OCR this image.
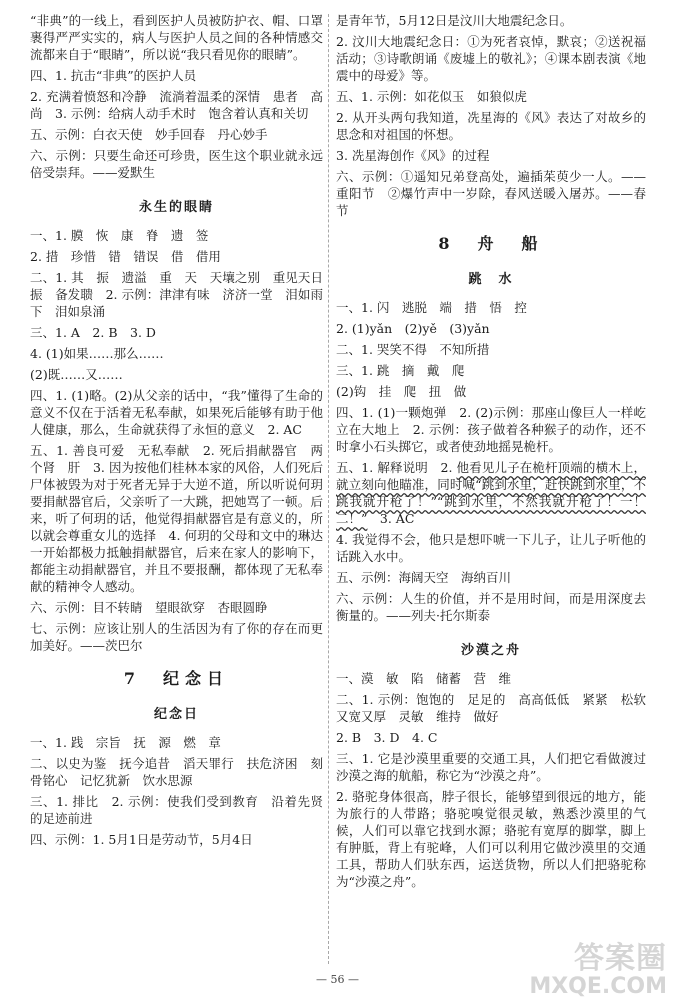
“非典”的一线上，看到医护人员被防护衣、帽、口罩裹得严严实实的，病人与医护人员之间的各种情感交流都来自于“眼睛”，所以说“我只看见你的眼睛”。

四、1. 抗击“非典”的医护人员

2. 充满着愤怒和冷静　流淌着温柔的深情　患者　高尚　3. 示例：给病人动手术时　饱含着认真和关切

五、示例：白衣天使　妙手回春　丹心妙手

六、示例：只要生命还可珍贵，医生这个职业就永远倍受崇拜。——爱默生

永生的眼睛

一、1. 膜　恢　康　脊　遗　签

2. 措　珍惜　错　错误　借　借用

二、1. 其　振　遗溢　重　天　天壤之别　重见天日　振　备发聩　2. 示例：津津有味　济济一堂　泪如雨下　泪如泉涌

三、1. A　2. B　3. D

4. (1)如果……那么……

(2)既……又……

四、1. (1)略。(2)从父亲的话中，“我”懂得了生命的意义不仅在于活着无私奉献，如果死后能够有助于他人健康，那么，生命就获得了永恒的意义　2. AC

五、1. 善良可爱　无私奉献　2. 死后捐献器官　两个肾　肝　3. 因为按他们桂林本家的风俗，人们死后尸体被毁为对于死者无异于大逆不道，所以听说何玥要捐献器官后，父亲听了一大跳，把她骂了一顿。后来，听了何玥的话，他觉得捐献器官是有意义的，所以就会尊重女儿的选择　4. 何玥的父母和文中的琳达一开始都极力抵触捐献器官，后来在家人的影响下，都能主动捐献器官，并且不要报酬，都体现了无私奉献的精神令人感动。

六、示例：目不转睛　望眼欲穿　杏眼圆睁

七、示例：应该让别人的生活因为有了你的存在而更加美好。——茨巴尔

7　纪念日
纪念日

一、1. 践　宗旨　抚　源　燃　章

二、以史为鉴　抚今追昔　滔天罪行　扶危济困　刻骨铭心　记忆犹新　饮水思源

三、1. 排比　2. 示例：使我们受到教育　沿着先贤的足迹前进

四、示例：1. 5月1日是劳动节，5月4日

是青年节，5月12日是汶川大地震纪念日。

2. 汶川大地震纪念日：①为死者哀悼，默哀；②送祝福活动；③诗歌朗诵《废墟上的敬礼》；④课本剧表演《地震中的母爱》等。

五、1. 示例：如花似玉　如狼似虎

2. 从开头两句我知道，冼星海的《风》表达了对故乡的思念和对祖国的怀想。

3. 冼星海创作《风》的过程

六、示例：①遥知兄弟登高处，遍插茱萸少一人。——重阳节　②爆竹声中一岁除，春风送暖入屠苏。——春节

8　舟　船
跳　水

一、1. 闪　逃脱　端　措　悟　控

2. (1)yǎn　(2)yě　(3)yǎn

二、1. 哭笑不得　不知所措

三、1. 跳　摘　戴　爬

(2)钩　挂　爬　扭　做

四、1. (1)一颗炮弹　2. (2)示例：那座山像巨人一样屹立在大地上　2. 示例：孩子做着各种猴子的动作，还不时拿小石头掷它，或者使劲地摇晃桅杆。

五、1. 解释说明　2. 他看见儿子在桅杆顶端的横木上，就立刻向他瞄准，同时喊“跳到水里，赶快跳到水里，不跳我就开枪了！”“跳到水里，不然我就开枪了！一！二！”　3. AC

4. 我觉得不会，他只是想吓唬一下儿子，让儿子听他的话跳入水中。

五、示例：海阔天空　海纳百川

六、示例：人生的价值，并不是用时间，而是用深度去衡量的。——列夫·托尔斯泰

沙漠之舟

一、漠　敏　陷　储蓄　营　维

二、1. 示例：饱饱的　足足的　高高低低　紧紧　松软　又宽又厚　灵敏　维持　做好

2. B　3. D　4. C

三、1. 它是沙漠里重要的交通工具，人们把它看做渡过沙漠之海的航船，称它为“沙漠之舟”。

2. 骆驼身体很高，脖子很长，能够望到很远的地方，能为旅行的人带路；骆驼嗅觉很灵敏，熟悉沙漠里的气候，人们可以靠它找到水源；骆驼有宽厚的脚掌，脚上有肿胝，背上有驼峰，人们可以利用它做沙漠里的交通工具，帮助人们驮东西，运送货物，所以人们把骆驼称为“沙漠之舟”。

— 56 —
答案圈
MXQE.COM
